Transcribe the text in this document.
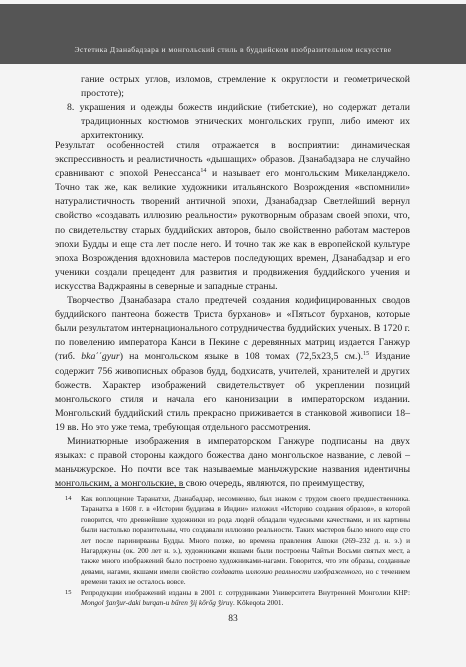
Эстетика Дзанабадзара и монгольский стиль в буддийском изобразительном искусстве

гание острых углов, изломов, стремление к округлости и геометрической простоте);

8. украшения и одежды божеств индийские (тибетские), но содержат детали традиционных костюмов этнических монгольских групп, либо имеют их архитектонику.

Результат особенностей стиля отражается в восприятии: динамическая экспрессивность и реалистичность «дышащих» образов. Дзанабадзара не случайно сравнивают с эпохой Ренессанса$^{14}$ и называет его монгольским Микеланджело. Точно так же, как великие художники итальянского Возрождения «вспомнили» натуралистичность творений античной эпохи, Дзанабадзар Светлейший вернул свойство «создавать иллюзию реальности» рукотворным образам своей эпохи, что, по свидетельству старых буддийских авторов, было свойственно работам мастеров эпохи Будды и еще ста лет после него. И точно так же как в европейской культуре эпоха Возрождения вдохновила мастеров последующих времен, Дзанабадзар и его ученики создали прецедент для развития и продвижения буддийского учения и искусства Ваджраяны в северные и западные страны.

Творчество Дзанабазара стало предтечей создания кодифицированных сводов буддийского пантеона божеств Триста бурханов» и «Пятьсот бурханов, которые были результатом интернационального сотрудничества буддийских ученых. В 1720 г. по повелению императора Канси в Пекине с деревянных матриц издается Ганжур (тиб. bka΄΄gyur) на монгольском языке в 108 томах (72,5х23,5 см.).$^{15}$ Издание содержит 756 живописных образов будд, бодхисатв, учителей, хранителей и других божеств. Характер изображений свидетельствует об укреплении позиций монгольского стиля и начала его канонизации в императорском издании. Монгольский буддийский стиль прекрасно приживается в станковой живописи 18–19 вв. Но это уже тема, требующая отдельного рассмотрения.

Миниатюрные изображения в императорском Ганжуре подписаны на двух языках: с правой стороны каждого божества дано монгольское название, с левой – маньчжурское. Но почти все так называемые маньчжурские названия идентичны монгольским, а монгольские, в свою очередь, являются, по преимуществу,

14 Как воплощение Таранатхи, Дзанабадзар, несомненно, был знаком с трудом своего предшественника. Таранатха в 1608 г. в «Истории буддизма в Индии» изложил «Историю создания образов», в которой говорится, что древнейшие художники из рода людей обладали чудесными качествами, и их картины были настолько поразительны, что создавали иллюзию реальности. Таких мастеров было много еще сто лет после паринирваны Будды. Много позже, во времена правления Ашоки (269–232 д. н. э.) и Нагарджуны (ок. 200 лет н. э.), художниками якшами были построены Чайтьи Восьми святых мест, а также много изображений было построено художниками-нагами. Говорится, что эти образы, созданные девами, нагами, якшами имели свойство создавать иллюзию реальности изображенного, но с течением времени таких не осталось вовсе.

15 Репродукции изображений изданы в 2001 г. сотрудниками Университета Внутренней Монголии КНР: Mongol ǯanǯur-daki burqan-u bűren ǯiį kőrőg ǯiruү. Kőkeqota 2001.

83
